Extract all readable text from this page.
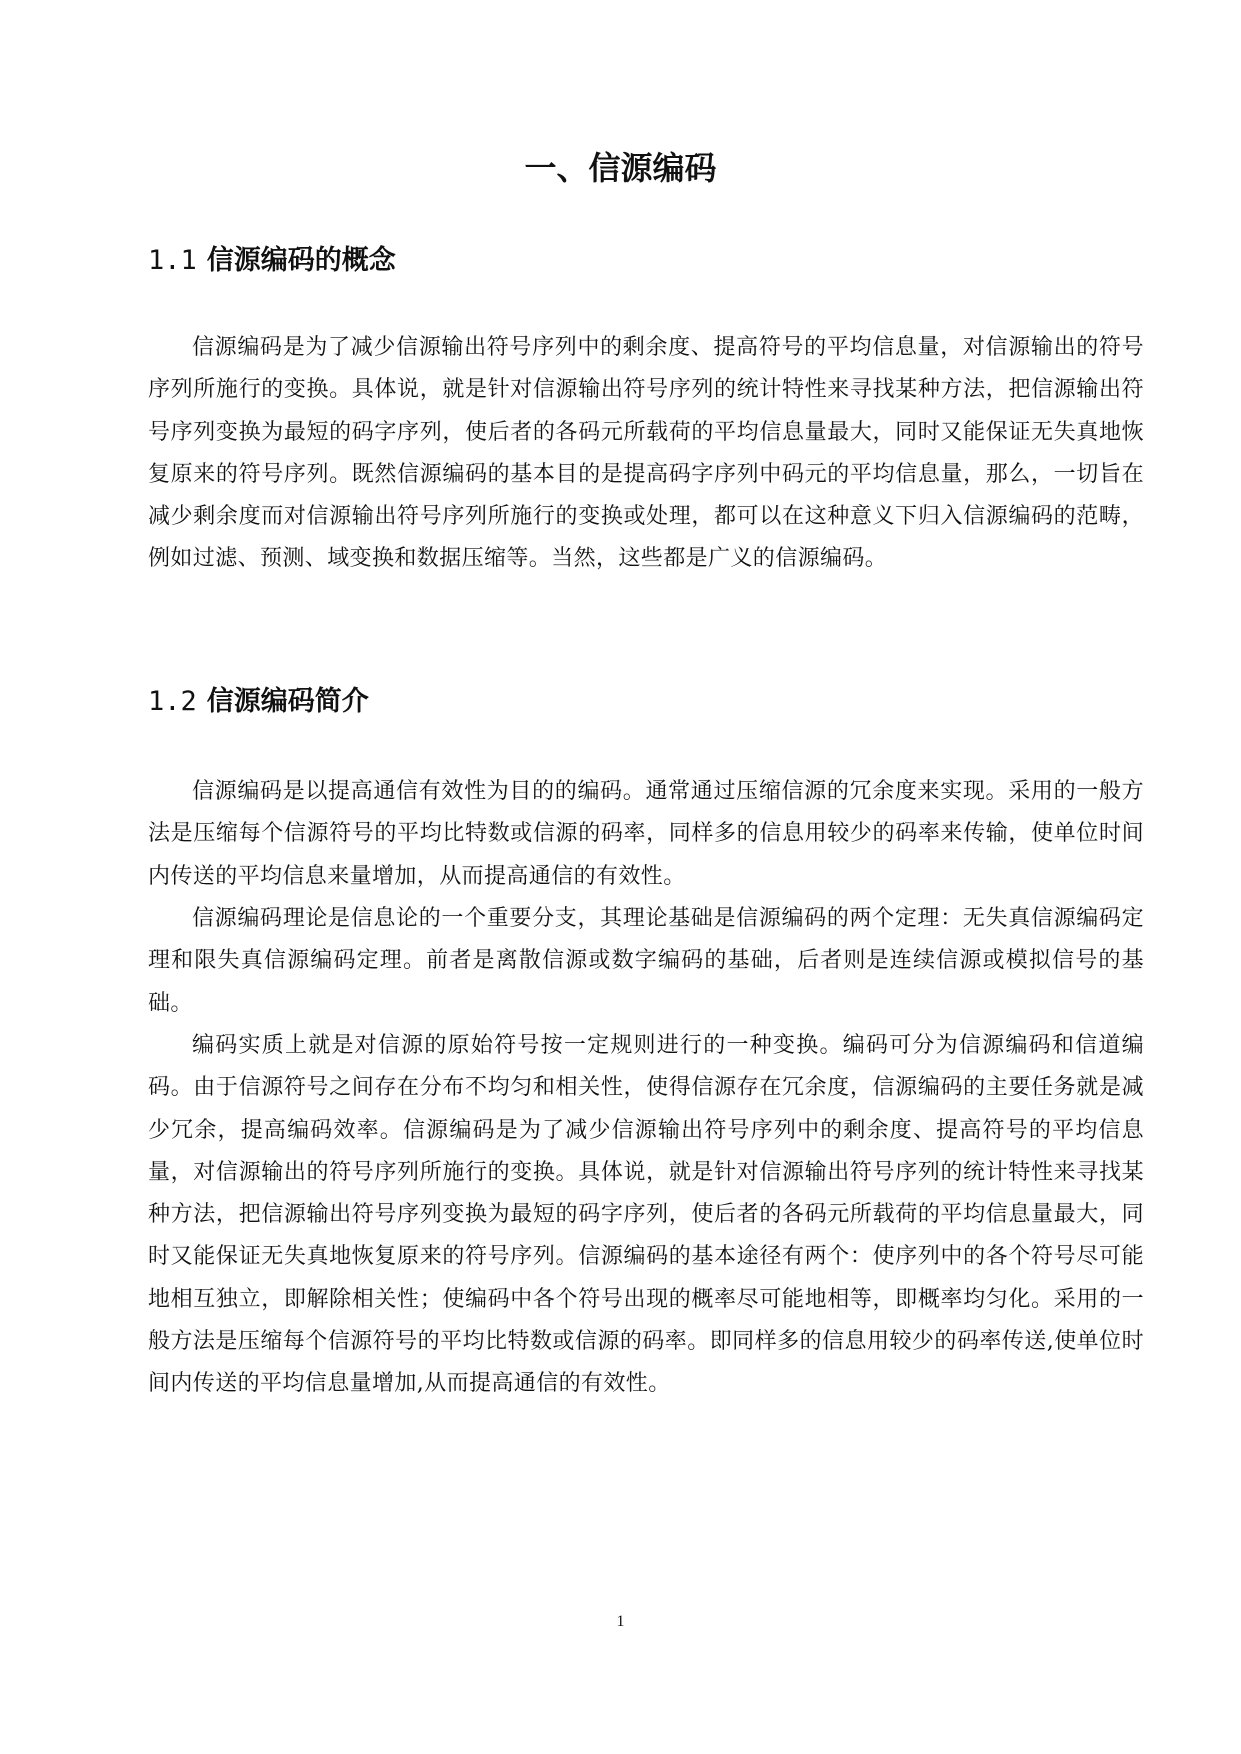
一、信源编码
1.1 信源编码的概念

信源编码是为了减少信源输出符号序列中的剩余度、提高符号的平均信息量，对信源输出的符号序列所施行的变换。具体说，就是针对信源输出符号序列的统计特性来寻找某种方法，把信源输出符号序列变换为最短的码字序列，使后者的各码元所载荷的平均信息量最大，同时又能保证无失真地恢复原来的符号序列。既然信源编码的基本目的是提高码字序列中码元的平均信息量，那么，一切旨在减少剩余度而对信源输出符号序列所施行的变换或处理，都可以在这种意义下归入信源编码的范畴，例如过滤、预测、域变换和数据压缩等。当然，这些都是广义的信源编码。

1.2 信源编码简介

信源编码是以提高通信有效性为目的的编码。通常通过压缩信源的冗余度来实现。采用的一般方法是压缩每个信源符号的平均比特数或信源的码率，同样多的信息用较少的码率来传输，使单位时间内传送的平均信息来量增加，从而提高通信的有效性。

信源编码理论是信息论的一个重要分支，其理论基础是信源编码的两个定理：无失真信源编码定理和限失真信源编码定理。前者是离散信源或数字编码的基础，后者则是连续信源或模拟信号的基础。

编码实质上就是对信源的原始符号按一定规则进行的一种变换。编码可分为信源编码和信道编码。由于信源符号之间存在分布不均匀和相关性，使得信源存在冗余度，信源编码的主要任务就是减少冗余，提高编码效率。信源编码是为了减少信源输出符号序列中的剩余度、提高符号的平均信息量，对信源输出的符号序列所施行的变换。具体说，就是针对信源输出符号序列的统计特性来寻找某种方法，把信源输出符号序列变换为最短的码字序列，使后者的各码元所载荷的平均信息量最大，同时又能保证无失真地恢复原来的符号序列。信源编码的基本途径有两个：使序列中的各个符号尽可能地相互独立，即解除相关性；使编码中各个符号出现的概率尽可能地相等，即概率均匀化。采用的一般方法是压缩每个信源符号的平均比特数或信源的码率。即同样多的信息用较少的码率传送,使单位时间内传送的平均信息量增加,从而提高通信的有效性。

1
